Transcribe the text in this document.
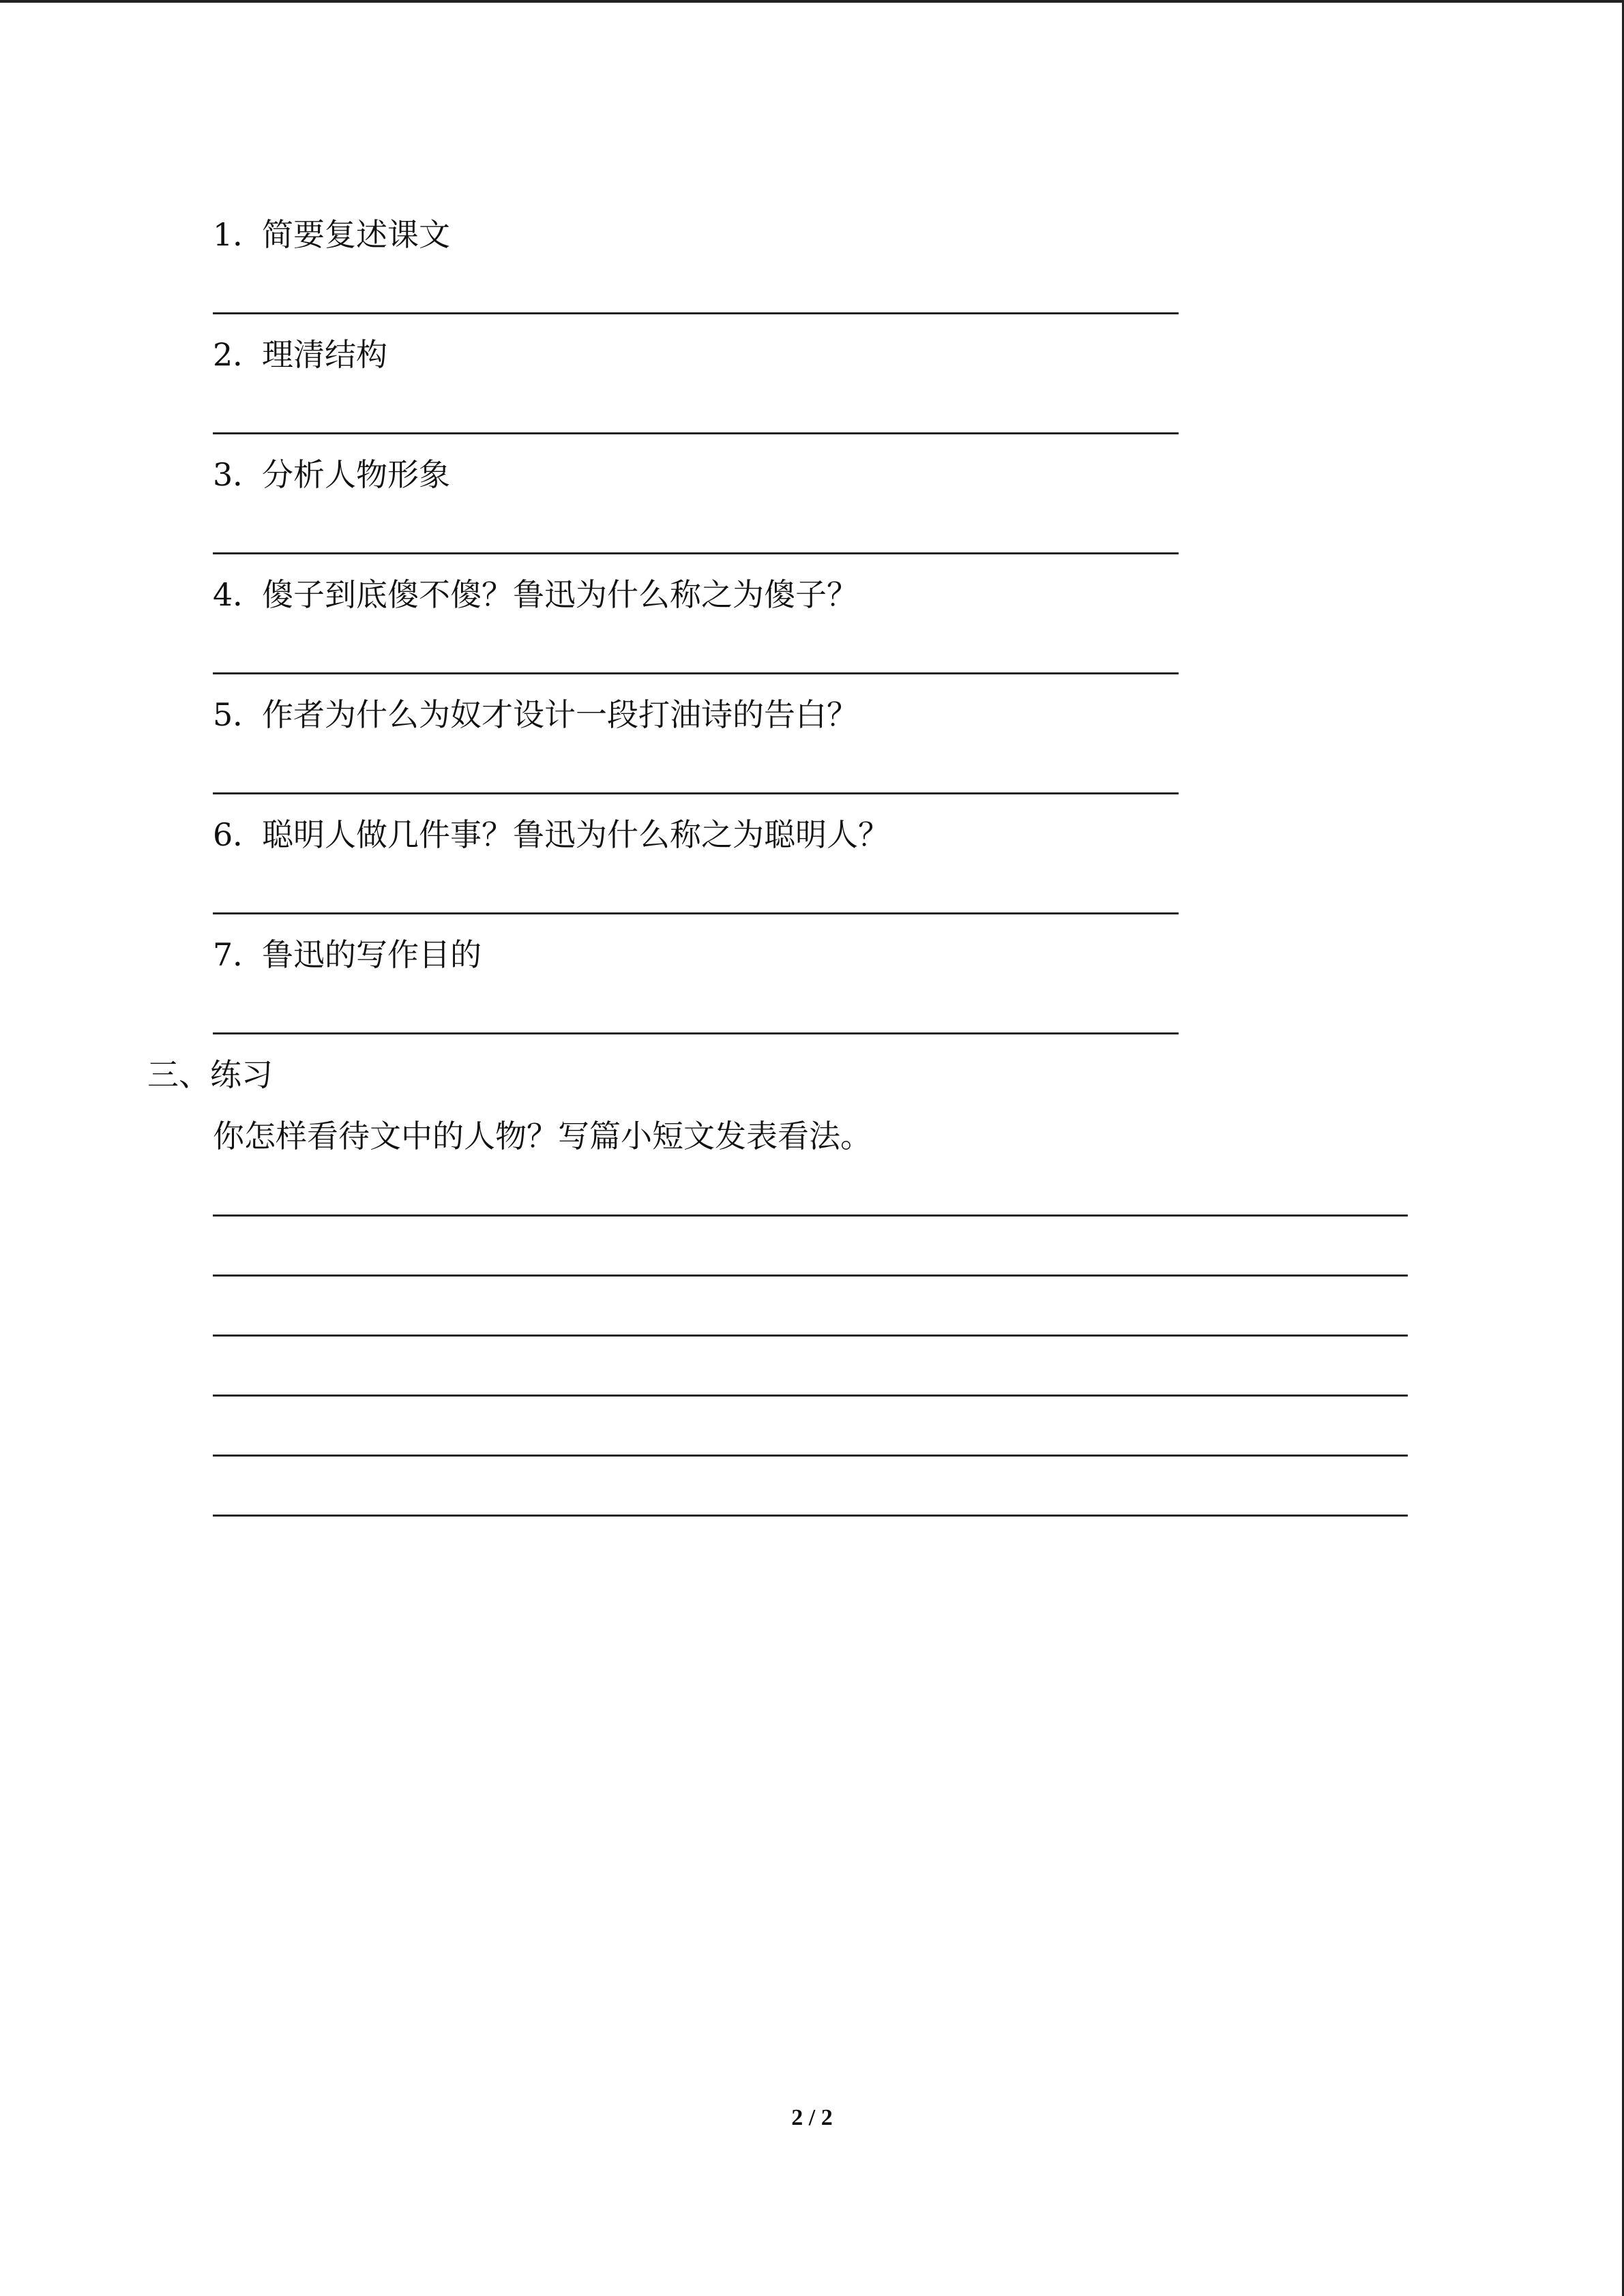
1．简要复述课文
2．理清结构
3．分析人物形象
4．傻子到底傻不傻？鲁迅为什么称之为傻子？
5．作者为什么为奴才设计一段打油诗的告白？
6．聪明人做几件事？鲁迅为什么称之为聪明人？
7．鲁迅的写作目的
三、练习
你怎样看待文中的人物？写篇小短文发表看法。
2 / 2
